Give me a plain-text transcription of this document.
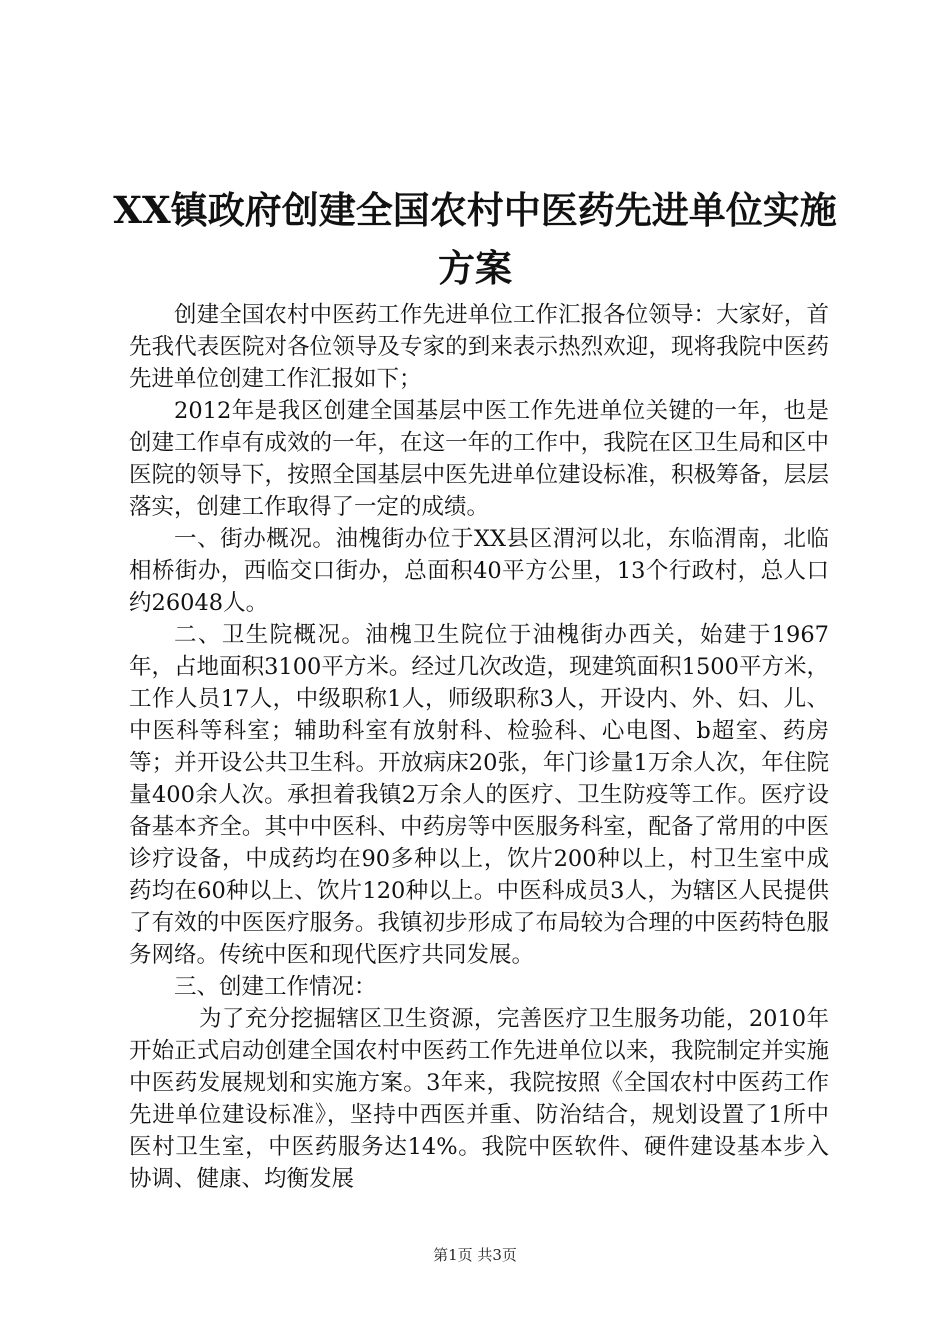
XX镇政府创建全国农村中医药先进单位实施
方案

创建全国农村中医药工作先进单位工作汇报各位领导：大家好，首先我代表医院对各位领导及专家的到来表示热烈欢迎，现将我院中医药先进单位创建工作汇报如下；

2012年是我区创建全国基层中医工作先进单位关键的一年，也是创建工作卓有成效的一年，在这一年的工作中，我院在区卫生局和区中医院的领导下，按照全国基层中医先进单位建设标准，积极筹备，层层落实，创建工作取得了一定的成绩。

一、街办概况。油槐街办位于XX县区渭河以北，东临渭南，北临相桥街办，西临交口街办，总面积40平方公里，13个行政村，总人口约26048人。

二、卫生院概况。油槐卫生院位于油槐街办西关，始建于1967年，占地面积3100平方米。经过几次改造，现建筑面积1500平方米，工作人员17人，中级职称1人，师级职称3人，开设内、外、妇、儿、中医科等科室；辅助科室有放射科、检验科、心电图、b超室、药房等；并开设公共卫生科。开放病床20张，年门诊量1万余人次，年住院量400余人次。承担着我镇2万余人的医疗、卫生防疫等工作。医疗设备基本齐全。其中中医科、中药房等中医服务科室，配备了常用的中医诊疗设备，中成药均在90多种以上，饮片200种以上，村卫生室中成药均在60种以上、饮片120种以上。中医科成员3人，为辖区人民提供了有效的中医医疗服务。我镇初步形成了布局较为合理的中医药特色服务网络。传统中医和现代医疗共同发展。

三、创建工作情况：

为了充分挖掘辖区卫生资源，完善医疗卫生服务功能，2010年开始正式启动创建全国农村中医药工作先进单位以来，我院制定并实施中医药发展规划和实施方案。3年来，我院按照《全国农村中医药工作先进单位建设标准》，坚持中西医并重、防治结合，规划设置了1所中医村卫生室，中医药服务达14%。我院中医软件、硬件建设基本步入协调、健康、均衡发展

第1页 共3页
